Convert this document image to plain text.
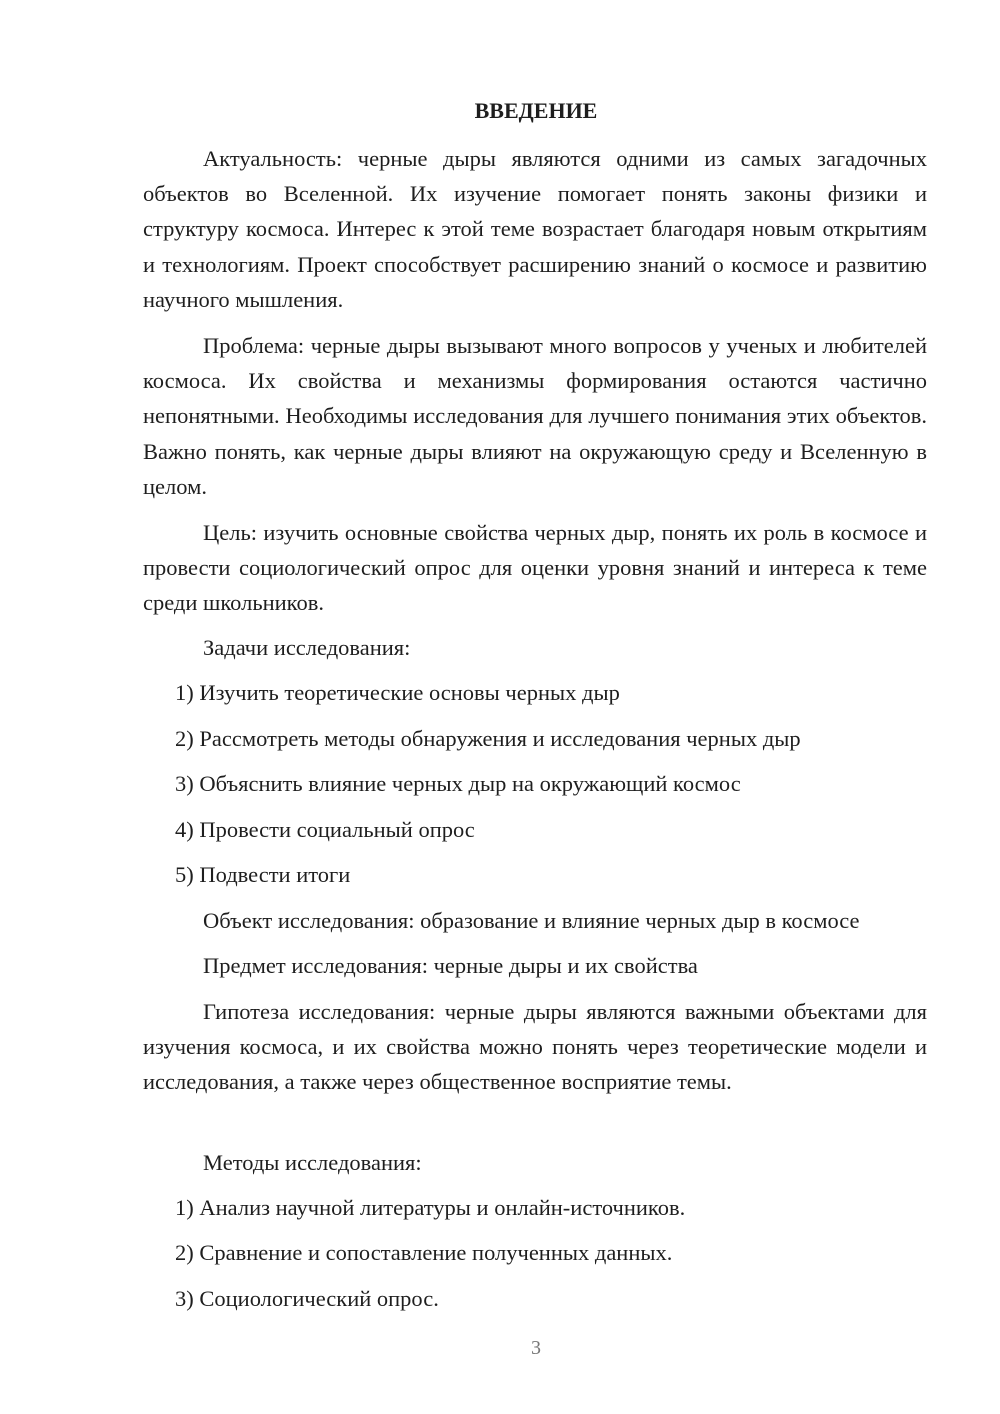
ВВЕДЕНИЕ
Актуальность: черные дыры являются одними из самых загадочных объектов во Вселенной. Их изучение помогает понять законы физики и структуру космоса. Интерес к этой теме возрастает благодаря новым открытиям и технологиям. Проект способствует расширению знаний о космосе и развитию научного мышления.
Проблема: черные дыры вызывают много вопросов у ученых и любителей космоса. Их свойства и механизмы формирования остаются частично непонятными. Необходимы исследования для лучшего понимания этих объектов. Важно понять, как черные дыры влияют на окружающую среду и Вселенную в целом.
Цель: изучить основные свойства черных дыр, понять их роль в космосе и провести социологический опрос для оценки уровня знаний и интереса к теме среди школьников.
Задачи исследования:
1) Изучить теоретические основы черных дыр
2) Рассмотреть методы обнаружения и исследования черных дыр
3) Объяснить влияние черных дыр на окружающий космос
4) Провести социальный опрос
5) Подвести итоги
Объект исследования: образование и влияние черных дыр в космосе
Предмет исследования: черные дыры и их свойства
Гипотеза исследования: черные дыры являются важными объектами для изучения космоса, и их свойства можно понять через теоретические модели и исследования, а также через общественное восприятие темы.
Методы исследования:
1) Анализ научной литературы и онлайн-источников.
2) Сравнение и сопоставление полученных данных.
3) Социологический опрос.
3
